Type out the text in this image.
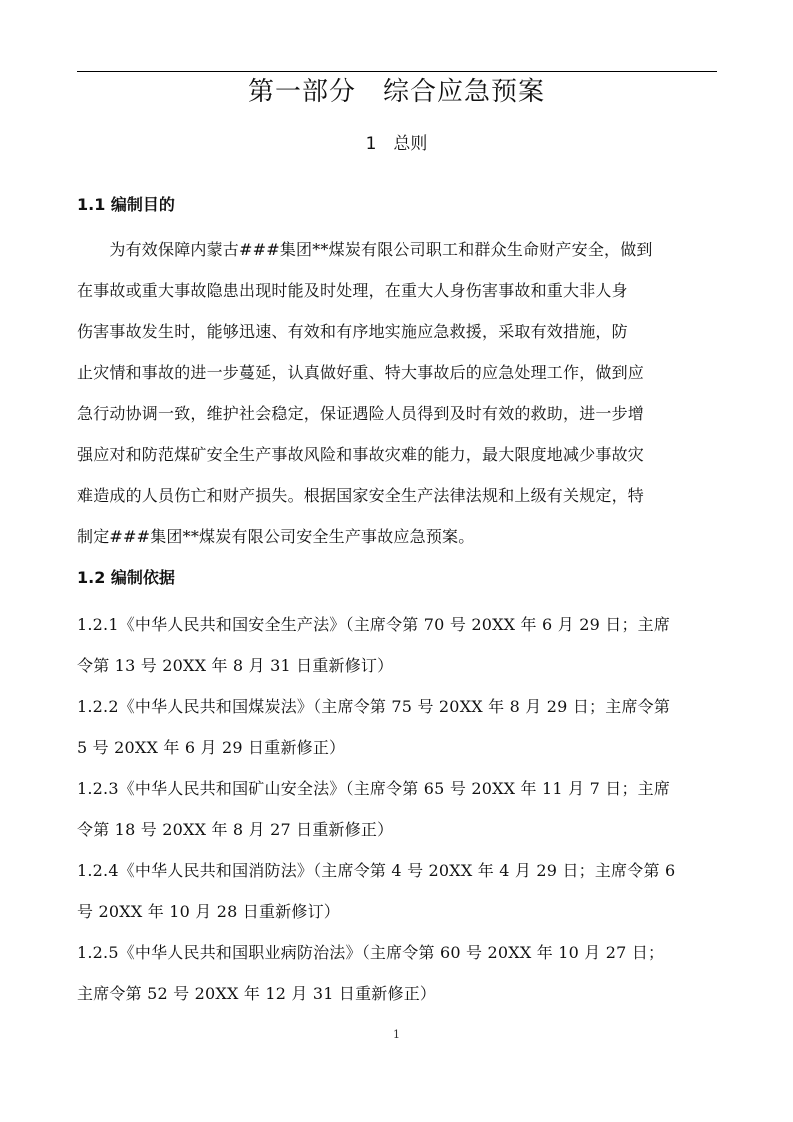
第一部分　综合应急预案
1　总则
1.1 编制目的
　　为有效保障内蒙古###集团**煤炭有限公司职工和群众生命财产安全，做到
在事故或重大事故隐患出现时能及时处理，在重大人身伤害事故和重大非人身
伤害事故发生时，能够迅速、有效和有序地实施应急救援，采取有效措施，防
止灾情和事故的进一步蔓延，认真做好重、特大事故后的应急处理工作，做到应
急行动协调一致，维护社会稳定，保证遇险人员得到及时有效的救助，进一步增
强应对和防范煤矿安全生产事故风险和事故灾难的能力，最大限度地减少事故灾
难造成的人员伤亡和财产损失。根据国家安全生产法律法规和上级有关规定，特
制定###集团**煤炭有限公司安全生产事故应急预案。
1.2 编制依据
1.2.1《中华人民共和国安全生产法》（主席令第 70 号 20XX 年 6 月 29 日；主席
令第 13 号 20XX 年 8 月 31 日重新修订）
1.2.2《中华人民共和国煤炭法》（主席令第 75 号 20XX 年 8 月 29 日；主席令第
5 号 20XX 年 6 月 29 日重新修正）
1.2.3《中华人民共和国矿山安全法》（主席令第 65 号 20XX 年 11 月 7 日；主席
令第 18 号 20XX 年 8 月 27 日重新修正）
1.2.4《中华人民共和国消防法》（主席令第 4 号 20XX 年 4 月 29 日；主席令第 6
号 20XX 年 10 月 28 日重新修订）
1.2.5《中华人民共和国职业病防治法》（主席令第 60 号 20XX 年 10 月 27 日；
主席令第 52 号 20XX 年 12 月 31 日重新修正）
1
